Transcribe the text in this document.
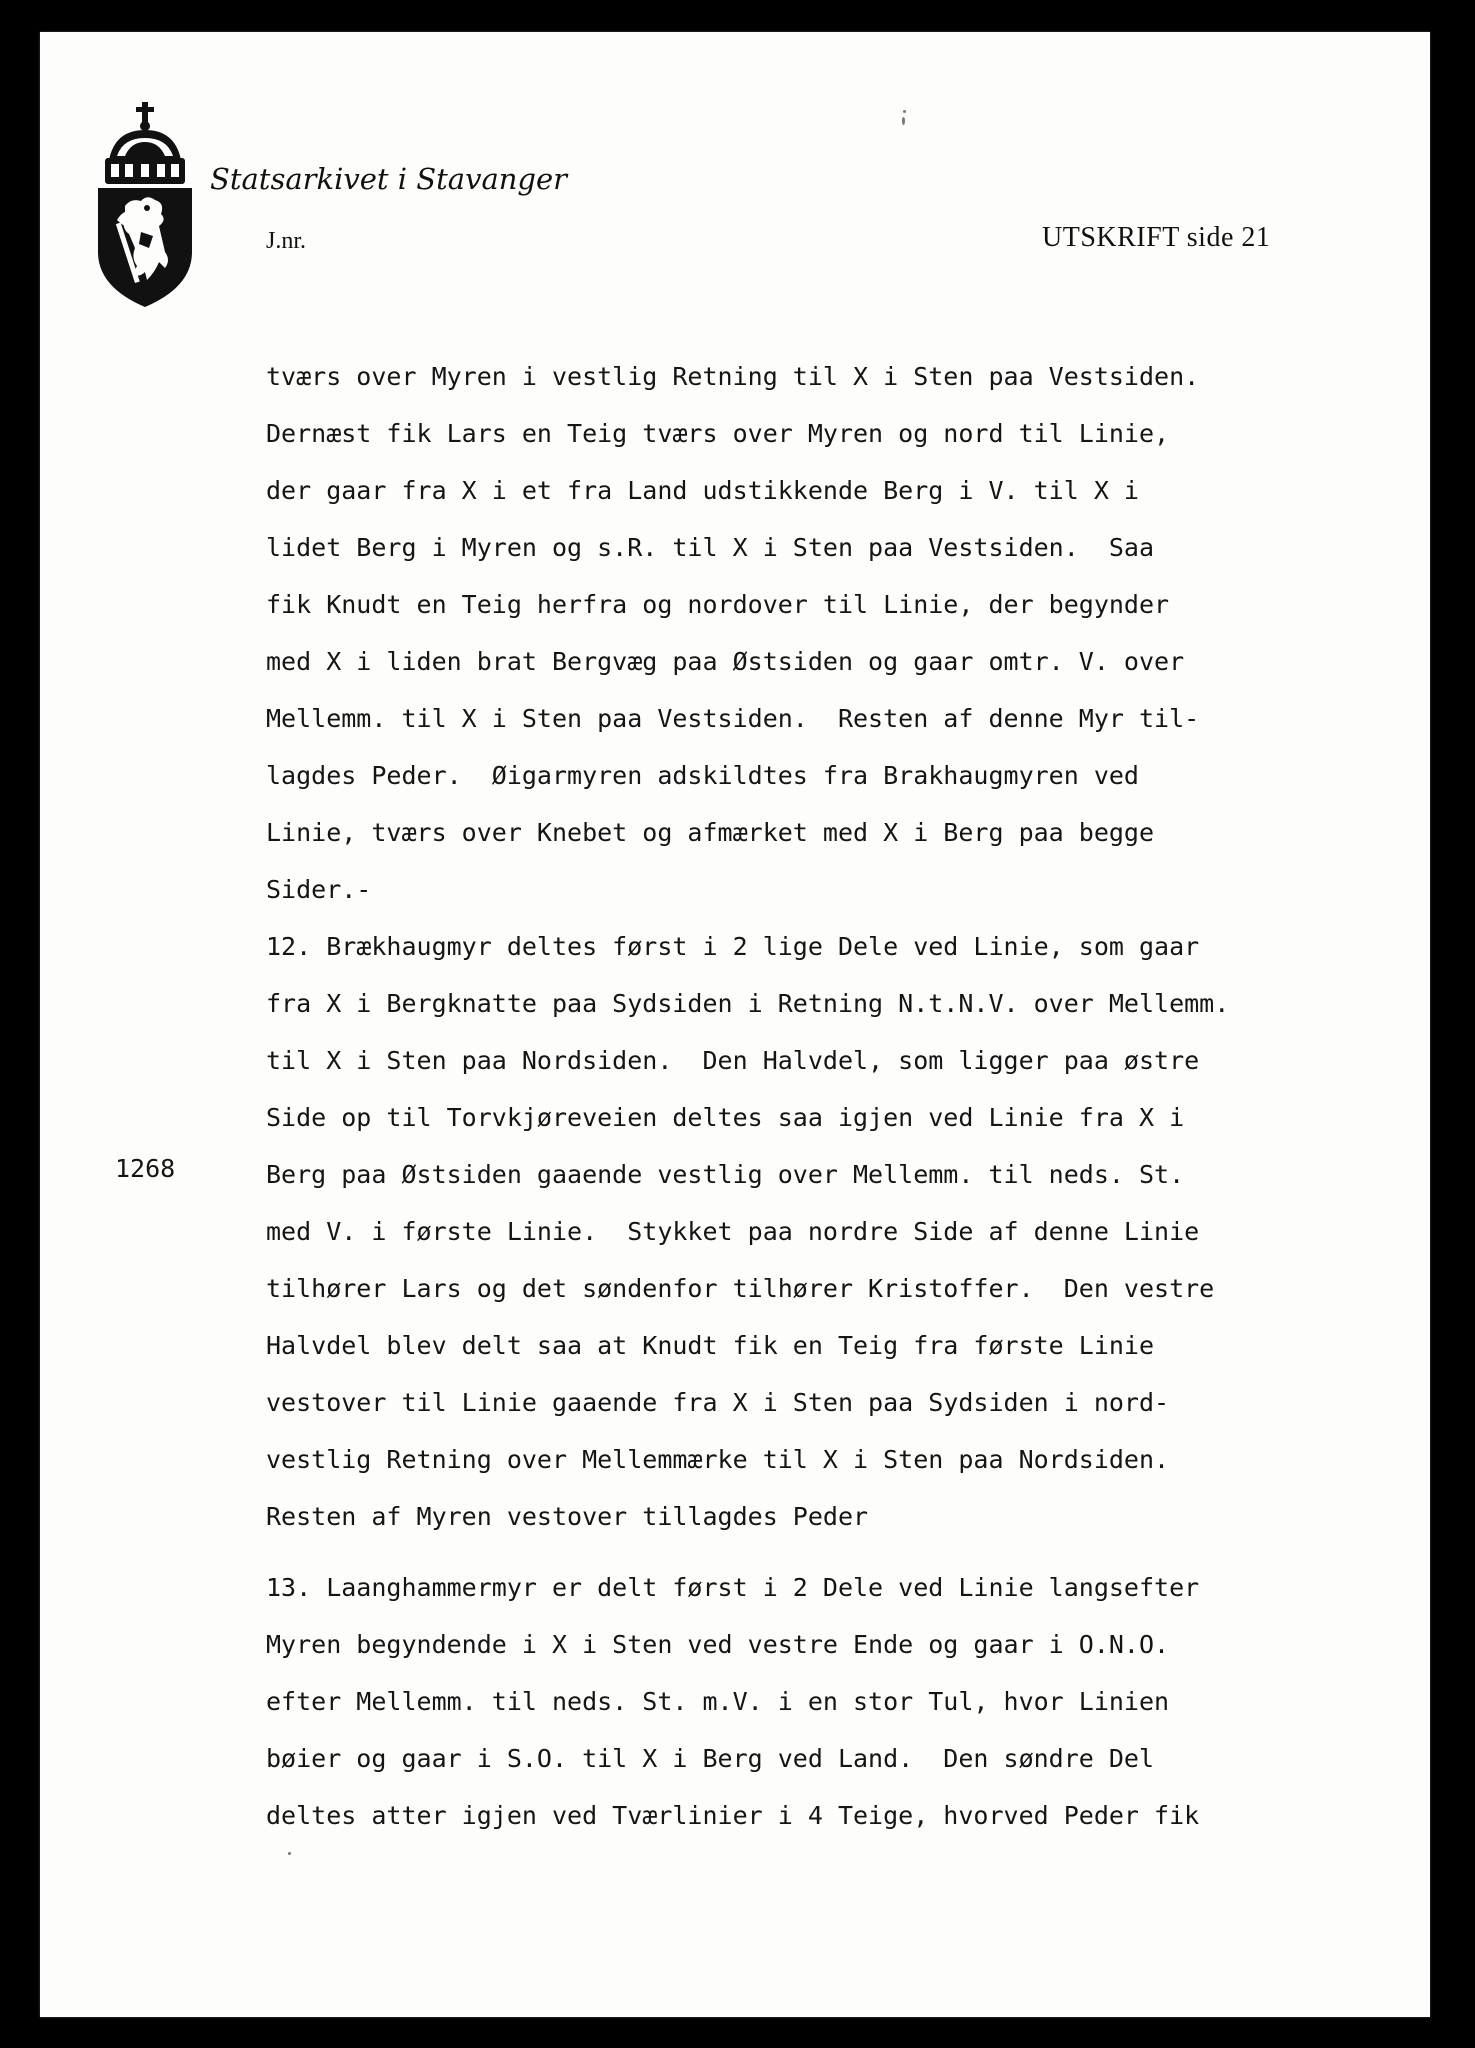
Statsarkivet i Stavanger
J.nr.	UTSKRIFT side 21
1268
tværs over Myren i vestlig Retning til X i Sten paa Vestsiden.
Dernæst fik Lars en Teig tværs over Myren og nord til Linie,
der gaar fra X i et fra Land udstikkende Berg i V. til X i
lidet Berg i Myren og s.R. til X i Sten paa Vestsiden.  Saa
fik Knudt en Teig herfra og nordover til Linie, der begynder
med X i liden brat Bergvæg paa Østsiden og gaar omtr. V. over
Mellemm. til X i Sten paa Vestsiden.  Resten af denne Myr til-
lagdes Peder.  Øigarmyren adskildtes fra Brakhaugmyren ved
Linie, tværs over Knebet og afmærket med X i Berg paa begge
Sider.-
12. Brækhaugmyr deltes først i 2 lige Dele ved Linie, som gaar
fra X i Bergknatte paa Sydsiden i Retning N.t.N.V. over Mellemm.
til X i Sten paa Nordsiden.  Den Halvdel, som ligger paa østre
Side op til Torvkjøreveien deltes saa igjen ved Linie fra X i
Berg paa Østsiden gaaende vestlig over Mellemm. til neds. St.
med V. i første Linie.  Stykket paa nordre Side af denne Linie
tilhører Lars og det søndenfor tilhører Kristoffer.  Den vestre
Halvdel blev delt saa at Knudt fik en Teig fra første Linie
vestover til Linie gaaende fra X i Sten paa Sydsiden i nord-
vestlig Retning over Mellemmærke til X i Sten paa Nordsiden.
Resten af Myren vestover tillagdes Peder
13. Laanghammermyr er delt først i 2 Dele ved Linie langsefter
Myren begyndende i X i Sten ved vestre Ende og gaar i O.N.O.
efter Mellemm. til neds. St. m.V. i en stor Tul, hvor Linien
bøier og gaar i S.O. til X i Berg ved Land.  Den søndre Del
deltes atter igjen ved Tværlinier i 4 Teige, hvorved Peder fik
